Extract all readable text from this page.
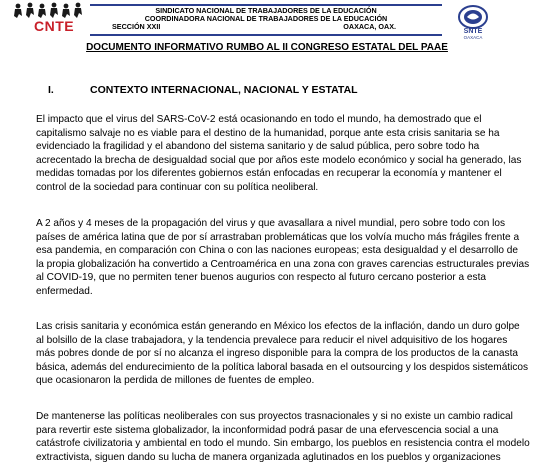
CNTE
SINDICATO NACIONAL DE TRABAJADORES DE LA EDUCACIÓN
COORDINADORA NACIONAL DE TRABAJADORES DE LA EDUCACIÓN
SECCIÓN XXII	OAXACA, OAX.
SNTE
OAXACA
DOCUMENTO INFORMATIVO RUMBO AL II CONGRESO ESTATAL DEL PAAE
I.	CONTEXTO INTERNACIONAL, NACIONAL Y ESTATAL
El impacto que el virus del SARS-CoV-2 está ocasionando en todo el mundo, ha demostrado que el
capitalismo salvaje no es viable para el destino de la humanidad, porque ante esta crisis sanitaria se ha
evidenciado la fragilidad y el abandono del sistema sanitario y de salud pública, pero sobre todo ha
acrecentado la brecha de desigualdad social que por años este modelo económico y social ha generado, las
medidas tomadas por los diferentes gobiernos están enfocadas en recuperar la economía y mantener el
control de la sociedad para continuar con su política neoliberal.
A 2 años y 4 meses de la propagación del virus y que avasallara a nivel mundial, pero sobre todo con los
países de américa latina que de por sí arrastraban problemáticas que los volvía mucho más frágiles frente a
esa pandemia, en comparación con China o con las naciones europeas; esta desigualdad y el desarrollo de
la propia globalización ha convertido a Centroamérica en una zona con graves carencias estructurales previas
al COVID-19, que no permiten tener buenos augurios con respecto al futuro cercano posterior a esta
enfermedad.
Las crisis sanitaria y económica están generando en México los efectos de la inflación, dando un duro golpe
al bolsillo de la clase trabajadora, y la tendencia prevalece para reducir el nivel adquisitivo de los hogares
más pobres donde de por sí no alcanza el ingreso disponible para la compra de los productos de la canasta
básica, además del endurecimiento de la política laboral basada en el outsourcing y los despidos sistemáticos
que ocasionaron la perdida de millones de fuentes de empleo.
De mantenerse las políticas neoliberales con sus proyectos trasnacionales y si no existe un cambio radical
para revertir este sistema globalizador, la inconformidad podrá pasar de una efervescencia social a una
catástrofe civilizatoria y ambiental en todo el mundo. Sin embargo, los pueblos en resistencia contra el modelo
extractivista, siguen dando su lucha de manera organizada aglutinados en los pueblos y organizaciones
